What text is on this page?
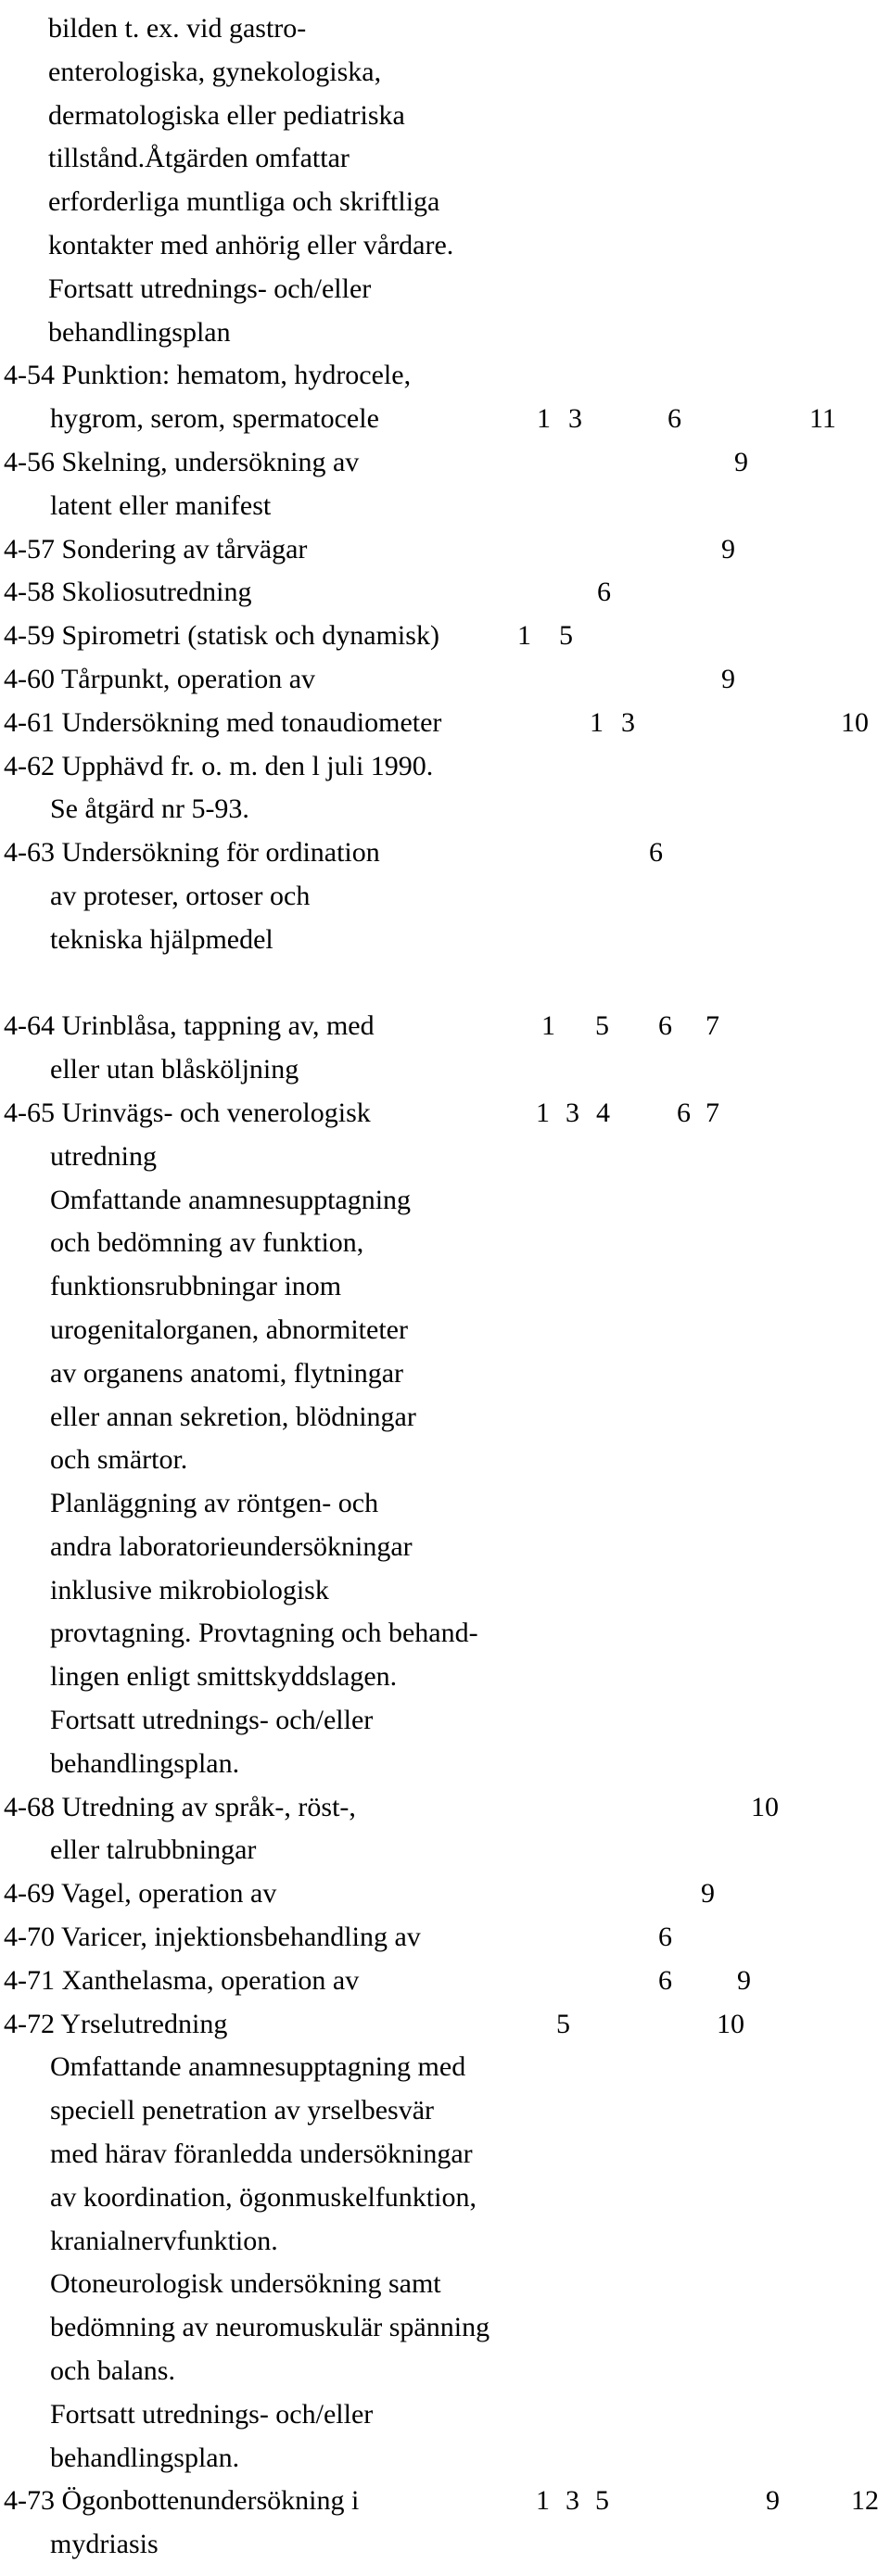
bilden t. ex. vid gastro-
enterologiska, gynekologiska,
dermatologiska eller pediatriska
tillstånd.Åtgärden omfattar
erforderliga muntliga och skriftliga
kontakter med anhörig eller vårdare.
Fortsatt utrednings- och/eller
behandlingsplan
4-54 Punktion: hematom, hydrocele,
hygrom, serom, spermatocele	1 3	6	11
4-56 Skelning, undersökning av	9
latent eller manifest
4-57 Sondering av tårvägar	9
4-58 Skoliosutredning	6
4-59 Spirometri (statisk och dynamisk)	1 5
4-60 Tårpunkt, operation av	9
4-61 Undersökning med tonaudiometer	1 3	10
4-62 Upphävd fr. o. m. den l juli 1990.
Se åtgärd nr 5-93.
4-63 Undersökning för ordination	6
av proteser, ortoser och
tekniska hjälpmedel
4-64 Urinblåsa, tappning av, med	1 5 6 7
eller utan blåsköljning
4-65 Urinvägs- och venerologisk	1 3 4 6 7
utredning
Omfattande anamnesupptagning
och bedömning av funktion,
funktionsrubbningar inom
urogenitalorganen, abnormiteter
av organens anatomi, flytningar
eller annan sekretion, blödningar
och smärtor.
Planläggning av röntgen- och
andra laboratorieundersökningar
inklusive mikrobiologisk
provtagning. Provtagning och behand-
lingen enligt smittskyddslagen.
Fortsatt utrednings- och/eller
behandlingsplan.
4-68 Utredning av språk-, röst-,	10
eller talrubbningar
4-69 Vagel, operation av	9
4-70 Varicer, injektionsbehandling av	6
4-71 Xanthelasma, operation av	6 9
4-72 Yrselutredning	5	10
Omfattande anamnesupptagning med
speciell penetration av yrselbesvär
med härav föranledda undersökningar
av koordination, ögonmuskelfunktion,
kranialnervfunktion.
Otoneurologisk undersökning samt
bedömning av neuromuskulär spänning
och balans.
Fortsatt utrednings- och/eller
behandlingsplan.
4-73 Ögonbottenundersökning i	1 3 5	9	12
mydriasis
